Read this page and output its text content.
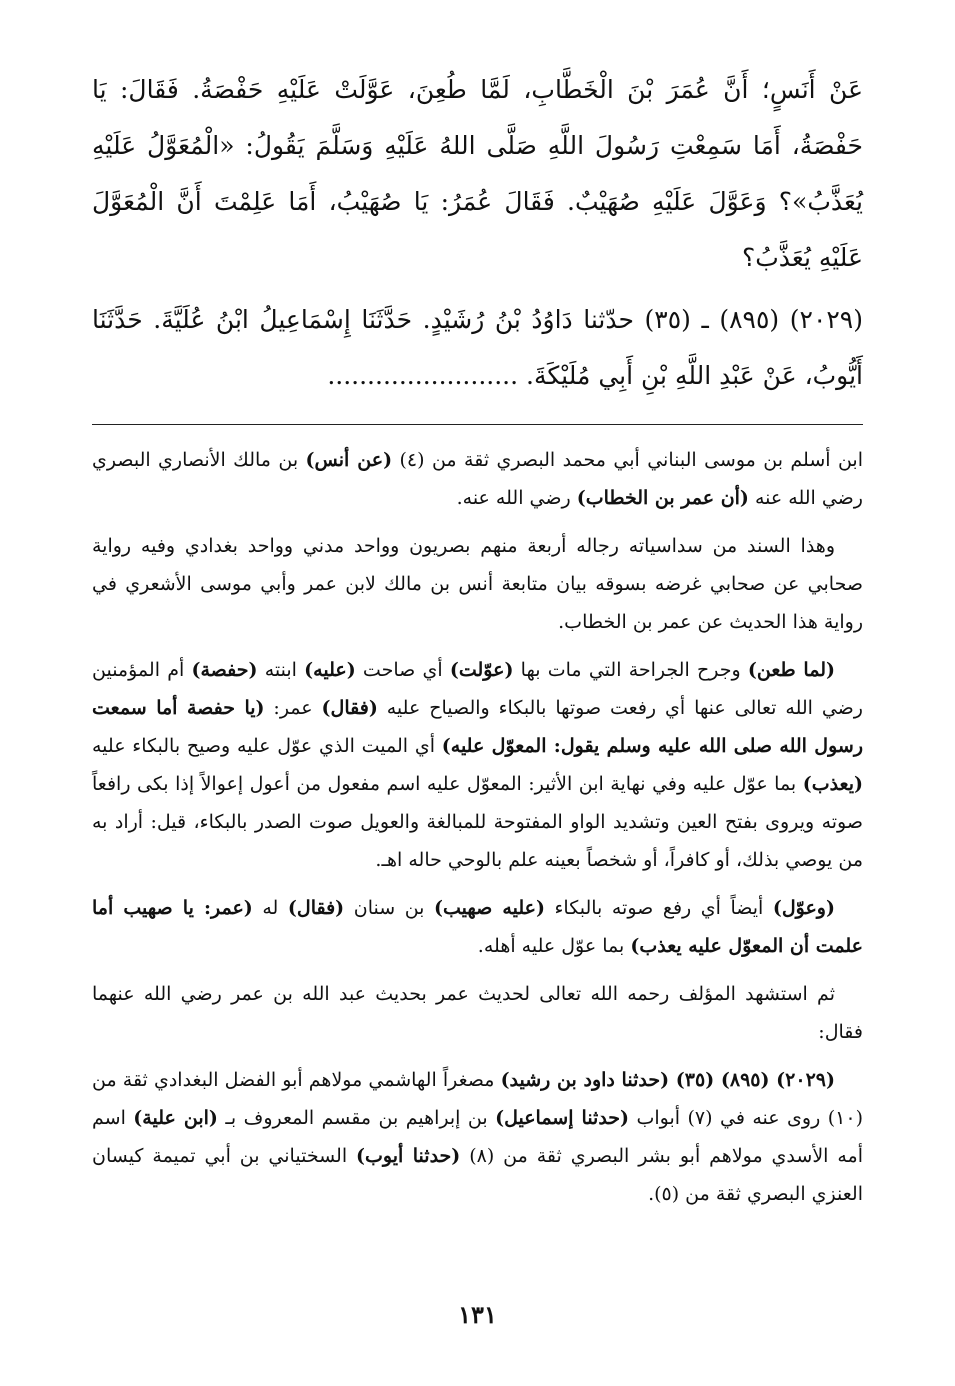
عَنْ أَنَسٍ؛ أَنَّ عُمَرَ بْنَ الْخَطَّابِ، لَمَّا طُعِنَ، عَوَّلَتْ عَلَيْهِ حَفْصَةُ. فَقَالَ: يَا حَفْصَةُ، أَمَا سَمِعْتِ رَسُولَ اللَّهِ صَلَّى اللهُ عَلَيْهِ وَسَلَّمَ يَقُولُ: «الْمُعَوَّلُ عَلَيْهِ يُعَذَّبُ»؟ وَعَوَّلَ عَلَيْهِ صُهَيْبٌ. فَقَالَ عُمَرُ: يَا صُهَيْبُ، أَمَا عَلِمْتَ أَنَّ الْمُعَوَّلَ عَلَيْهِ يُعَذَّبُ؟

(٢٠٢٩) (٨٩٥) ـ (٣٥) حدّثنا دَاوُدُ بْنُ رُشَيْدٍ. حَدَّثَنَا إِسْمَاعِيلُ ابْنُ عُلَيَّةَ. حَدَّثَنَا أَيُّوبُ، عَنْ عَبْدِ اللَّهِ بْنِ أَبِي مُلَيْكَةَ. ........................

ابن أسلم بن موسى البناني أبي محمد البصري ثقة من (٤) (عن أنس) بن مالك الأنصاري البصري رضي الله عنه (أن عمر بن الخطاب) رضي الله عنه.

وهذا السند من سداسياته رجاله أربعة منهم بصريون وواحد مدني وواحد بغدادي وفيه رواية صحابي عن صحابي غرضه بسوقه بيان متابعة أنس بن مالك لابن عمر وأبي موسى الأشعري في رواية هذا الحديث عن عمر بن الخطاب.

(لما طعن) وجرح الجراحة التي مات بها (عوّلت) أي صاحت (عليه) ابنته (حفصة) أم المؤمنين رضي الله تعالى عنها أي رفعت صوتها بالبكاء والصياح عليه (فقال) عمر: (يا حفصة أما سمعت رسول الله صلى الله عليه وسلم يقول: المعوّل عليه) أي الميت الذي عوّل عليه وصيح بالبكاء عليه (يعذب) بما عوّل عليه وفي نهاية ابن الأثير: المعوّل عليه اسم مفعول من أعول إعوالاً إذا بكى رافعاً صوته ويروى بفتح العين وتشديد الواو المفتوحة للمبالغة والعويل صوت الصدر بالبكاء، قيل: أراد به من يوصي بذلك، أو كافراً، أو شخصاً بعينه علم بالوحي حاله اهـ.

(وعوّل) أيضاً أي رفع صوته بالبكاء (عليه صهيب) بن سنان (فقال) له (عمر: يا صهيب أما علمت أن المعوّل عليه يعذب) بما عوّل عليه أهله.

ثم استشهد المؤلف رحمه الله تعالى لحديث عمر بحديث عبد الله بن عمر رضي الله عنهما فقال:

(٢٠٢٩) (٨٩٥) (٣٥) (حدثنا داود بن رشيد) مصغراً الهاشمي مولاهم أبو الفضل البغدادي ثقة من (١٠) روى عنه في (٧) أبواب (حدثنا إسماعيل) بن إبراهيم بن مقسم المعروف بـ (ابن علية) اسم أمه الأسدي مولاهم أبو بشر البصري ثقة من (٨) (حدثنا أيوب) السختياني بن أبي تميمة كيسان العنزي البصري ثقة من (٥).

١٣١
